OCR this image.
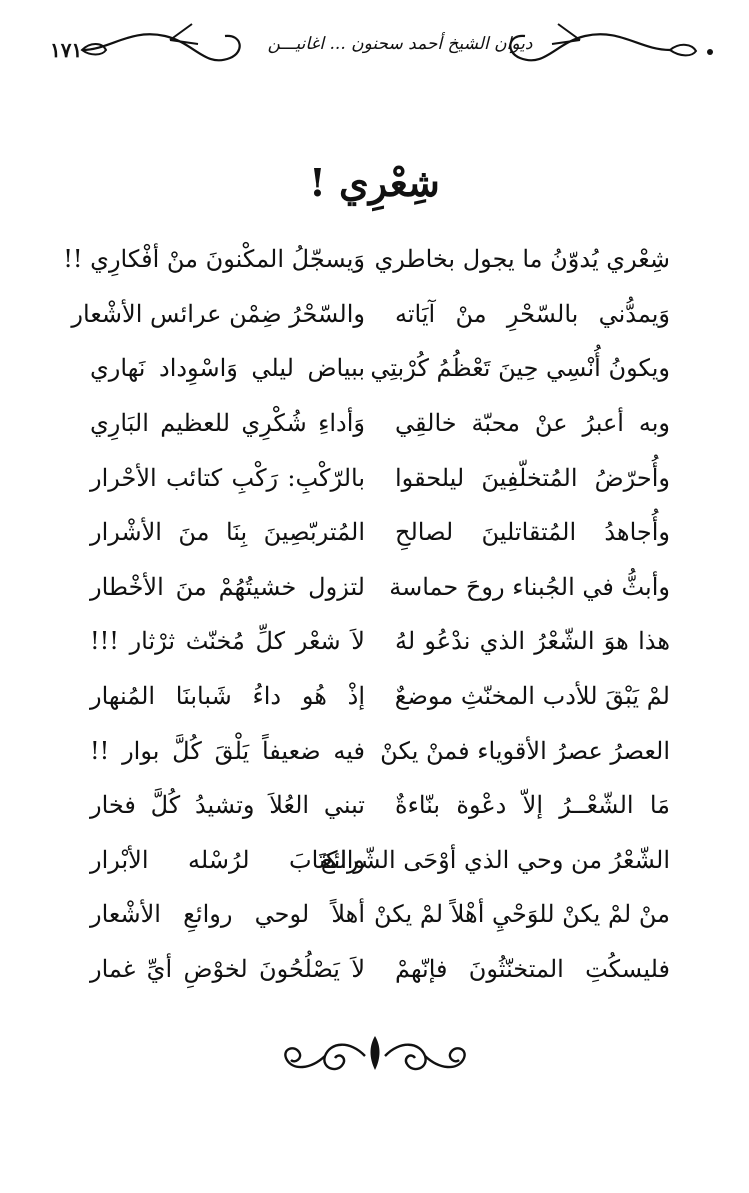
١٧١	ديوان الشيخ أحمد سحنون ... اغانيـــن
شِعْرِي !
شِعْري يُدوّنُ ما يجول بخاطري
وَيسجّلُ المكْنونَ منْ أفْكارِي !!
وَيمدُّني بالسّحْرِ منْ آيَاته
والسّحْرُ ضِمْن عرائس الأشْعار
ويكونُ أُنْسِي حِينَ تَعْظُمُ كُرْبتِي
ببياض ليلي وَاسْوِداد نَهاري
وبه أعبرُ عنْ محبّة خالقِي
وَأداءِ شُكْرِي للعظيم البَارِي
وأُحرّضُ المُتخلّفِينَ ليلحقوا
بالرّكْبِ: رَكْبِ كتائب الأحْرار
وأُجاهدُ المُتقاتلينَ لصالحِ
المُتربّصِينَ بِنَا منَ الأشْرار
وأبثُّ في الجُبناء روحَ حماسة
لتزول خشيتُهُمْ منَ الأخْطار
هذا هوَ الشّعْرُ الذي ندْعُو لهُ
لاَ شعْر كلِّ مُخنّث ثرْثار !!!
لمْ يَبْقَ للأدب المخنّثِ موضعٌ
إذْ هُو داءُ شَبابنَا المُنهار
العصرُ عصرُ الأقوياء فمنْ يكنْ
فيه ضعيفاً يَلْقَ كُلَّ بوار !!
مَا الشّعْــرُ إلاّ دعْوة بنّاءةٌ
تبني العُلاَ وتشيدُ كُلَّ فخار
الشّعْرُ من وحي الذي أوْحَى الشّرائعَ
والكتَابَ لرُسْله الأبْرار
منْ لمْ يكنْ للوَحْيِ أهْلاً لمْ يكنْ
أهلاً لوحي روائعِ الأشْعار
فليسكُتِ المتخنّثُونَ فإنّهمْ
لاَ يَصْلُحُونَ لخوْضِ أيِّ غمار
